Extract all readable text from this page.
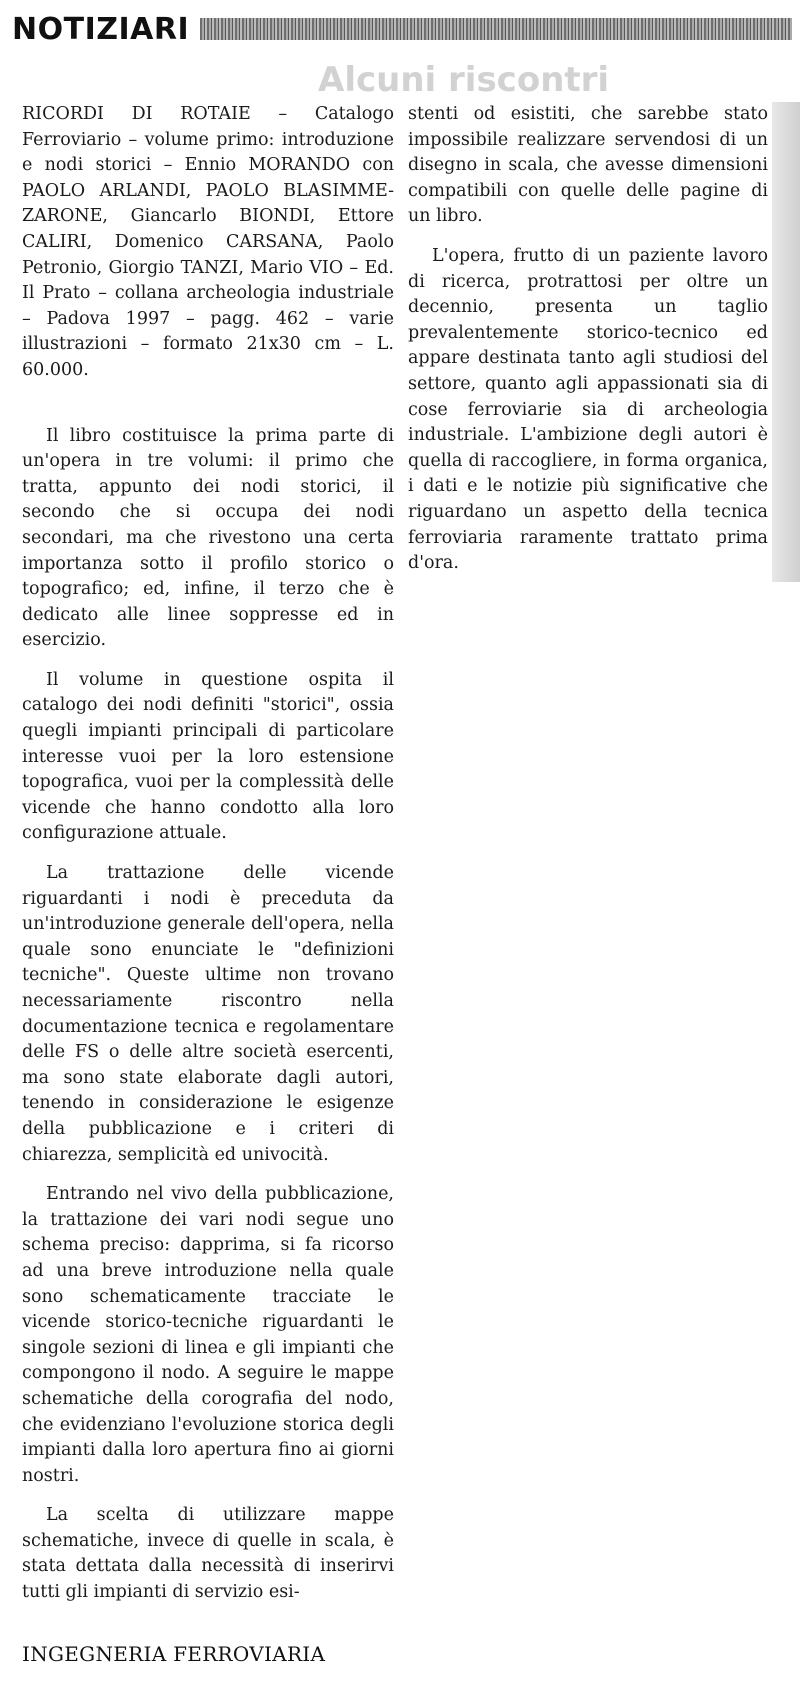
NOTIZIARI
Alcuni riscontri

RICORDI DI ROTAIE – Catalogo Ferroviario – volume primo: introduzione e nodi storici – Ennio MORANDO con PAOLO ARLANDI, PAOLO BLASIMME-ZARONE, Giancarlo BIONDI, Ettore CALIRI, Domenico CARSANA, Paolo Petronio, Giorgio TANZI, Mario VIO – Ed. Il Prato – collana archeologia industriale – Padova 1997 – pagg. 462 – varie illustrazioni – formato 21x30 cm – L. 60.000.

Il libro costituisce la prima parte di un'opera in tre volumi: il primo che tratta, appunto dei nodi storici, il secondo che si occupa dei nodi secondari, ma che rivestono una certa importanza sotto il profilo storico o topografico; ed, infine, il terzo che è dedicato alle linee soppresse ed in esercizio.

Il volume in questione ospita il catalogo dei nodi definiti "storici", ossia quegli impianti principali di particolare interesse vuoi per la loro estensione topografica, vuoi per la complessità delle vicende che hanno condotto alla loro configurazione attuale.

La trattazione delle vicende riguardanti i nodi è preceduta da un'introduzione generale dell'opera, nella quale sono enunciate le "definizioni tecniche". Queste ultime non trovano necessariamente riscontro nella documentazione tecnica e regolamentare delle FS o delle altre società esercenti, ma sono state elaborate dagli autori, tenendo in considerazione le esigenze della pubblicazione e i criteri di chiarezza, semplicità ed univocità.

Entrando nel vivo della pubblicazione, la trattazione dei vari nodi segue uno schema preciso: dapprima, si fa ricorso ad una breve introduzione nella quale sono schematicamente tracciate le vicende storico-tecniche riguardanti le singole sezioni di linea e gli impianti che compongono il nodo. A seguire le mappe schematiche della corografia del nodo, che evidenziano l'evoluzione storica degli impianti dalla loro apertura fino ai giorni nostri.

La scelta di utilizzare mappe schematiche, invece di quelle in scala, è stata dettata dalla necessità di inserirvi tutti gli impianti di servizio esi-

stenti od esistiti, che sarebbe stato impossibile realizzare servendosi di un disegno in scala, che avesse dimensioni compatibili con quelle delle pagine di un libro.

L'opera, frutto di un paziente lavoro di ricerca, protrattosi per oltre un decennio, presenta un taglio prevalentemente storico-tecnico ed appare destinata tanto agli studiosi del settore, quanto agli appassionati sia di cose ferroviarie sia di archeologia industriale. L'ambizione degli autori è quella di raccogliere, in forma organica, i dati e le notizie più significative che riguardano un aspetto della tecnica ferroviaria raramente trattato prima d'ora.

INGEGNERIA FERROVIARIA
